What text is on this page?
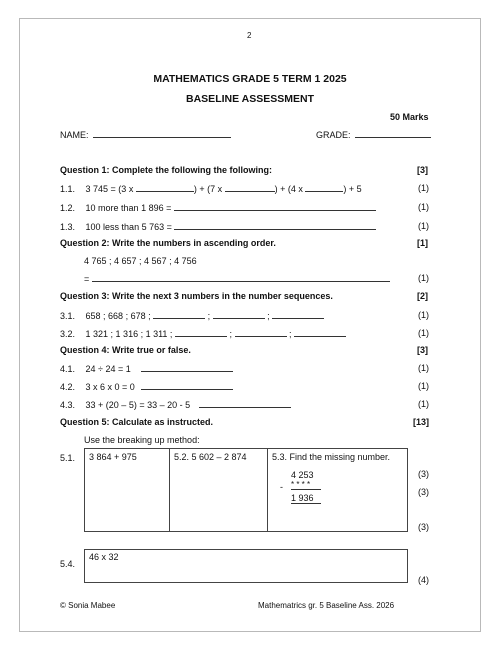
2
MATHEMATICS GRADE 5 TERM 1 2025
BASELINE ASSESSMENT
50 Marks
NAME:	GRADE:
Question 1: Complete the following the following:	[3]
1.1. 3 745 = (3 x	) + (7 x	) + (4 x	) + 5	(1)
1.2. 10 more than 1 896 =	(1)
1.3. 100 less than 5 763 =	(1)
Question 2: Write the numbers in ascending order.	[1]
4 765 ; 4 657 ; 4 567 ; 4 756
=	(1)
Question 3: Write the next 3 numbers in the number sequences.	[2]
3.1. 658 ; 668 ; 678 ;	;	;	(1)
3.2. 1 321 ; 1 316 ; 1 311 ;	;	;	(1)
Question 4: Write true or false.	[3]
4.1. 24 ÷ 24 = 1	(1)
4.2. 3 x 6 x 0 = 0	(1)
4.3. 33 + (20 – 5) = 33 – 20 - 5	(1)
Question 5: Calculate as instructed.	[13]
Use the breaking up method:
5.1. 3 864 + 975	5.2. 5 602 – 2 874	5.3. Find the missing number.
4 253
- * * * *
1 936
(3)
(3)
(3)
5.4.
46 x 32
(4)
© Sonia Mabee	Mathematrics gr. 5 Baseline Ass. 2026
